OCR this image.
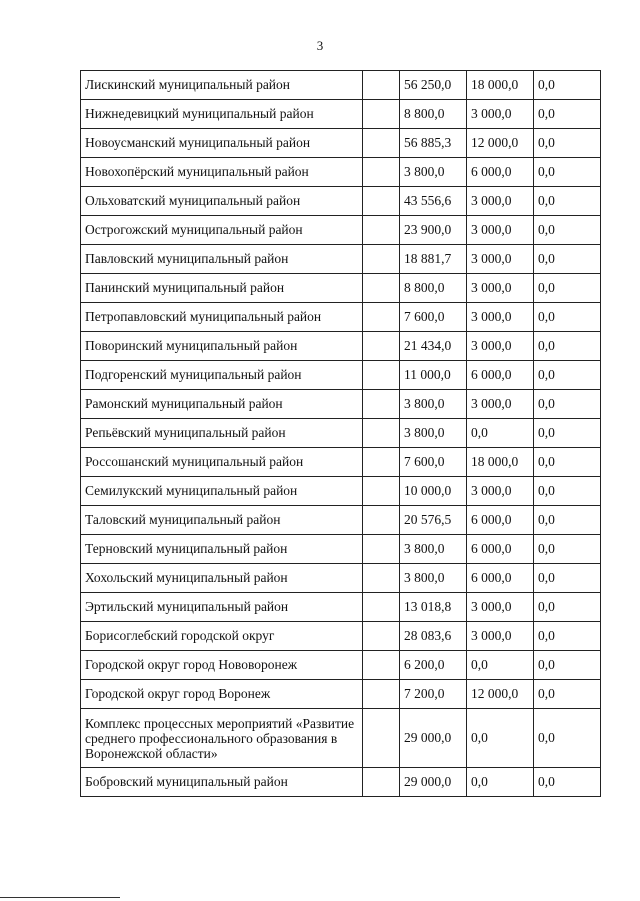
3
Лискинский муниципальный район		56 250,0	18 000,0	0,0
Нижнедевицкий муниципальный район		8 800,0	3 000,0	0,0
Новоусманский муниципальный район		56 885,3	12 000,0	0,0
Новохопёрский муниципальный район		3 800,0	6 000,0	0,0
Ольховатский муниципальный район		43 556,6	3 000,0	0,0
Острогожский муниципальный район		23 900,0	3 000,0	0,0
Павловский муниципальный район		18 881,7	3 000,0	0,0
Панинский муниципальный район		8 800,0	3 000,0	0,0
Петропавловский муниципальный район		7 600,0	3 000,0	0,0
Поворинский муниципальный район		21 434,0	3 000,0	0,0
Подгоренский муниципальный район		11 000,0	6 000,0	0,0
Рамонский муниципальный район		3 800,0	3 000,0	0,0
Репьёвский муниципальный район		3 800,0	0,0	0,0
Россошанский муниципальный район		7 600,0	18 000,0	0,0
Семилукский муниципальный район		10 000,0	3 000,0	0,0
Таловский муниципальный район		20 576,5	6 000,0	0,0
Терновский муниципальный район		3 800,0	6 000,0	0,0
Хохольский муниципальный район		3 800,0	6 000,0	0,0
Эртильский муниципальный район		13 018,8	3 000,0	0,0
Борисоглебский городской округ		28 083,6	3 000,0	0,0
Городской округ город Нововоронеж		6 200,0	0,0	0,0
Городской округ город Воронеж		7 200,0	12 000,0	0,0
Комплекс процессных мероприятий «Развитие среднего профессионального образования в Воронежской области»		29 000,0	0,0	0,0
Бобровский муниципальный район		29 000,0	0,0	0,0
